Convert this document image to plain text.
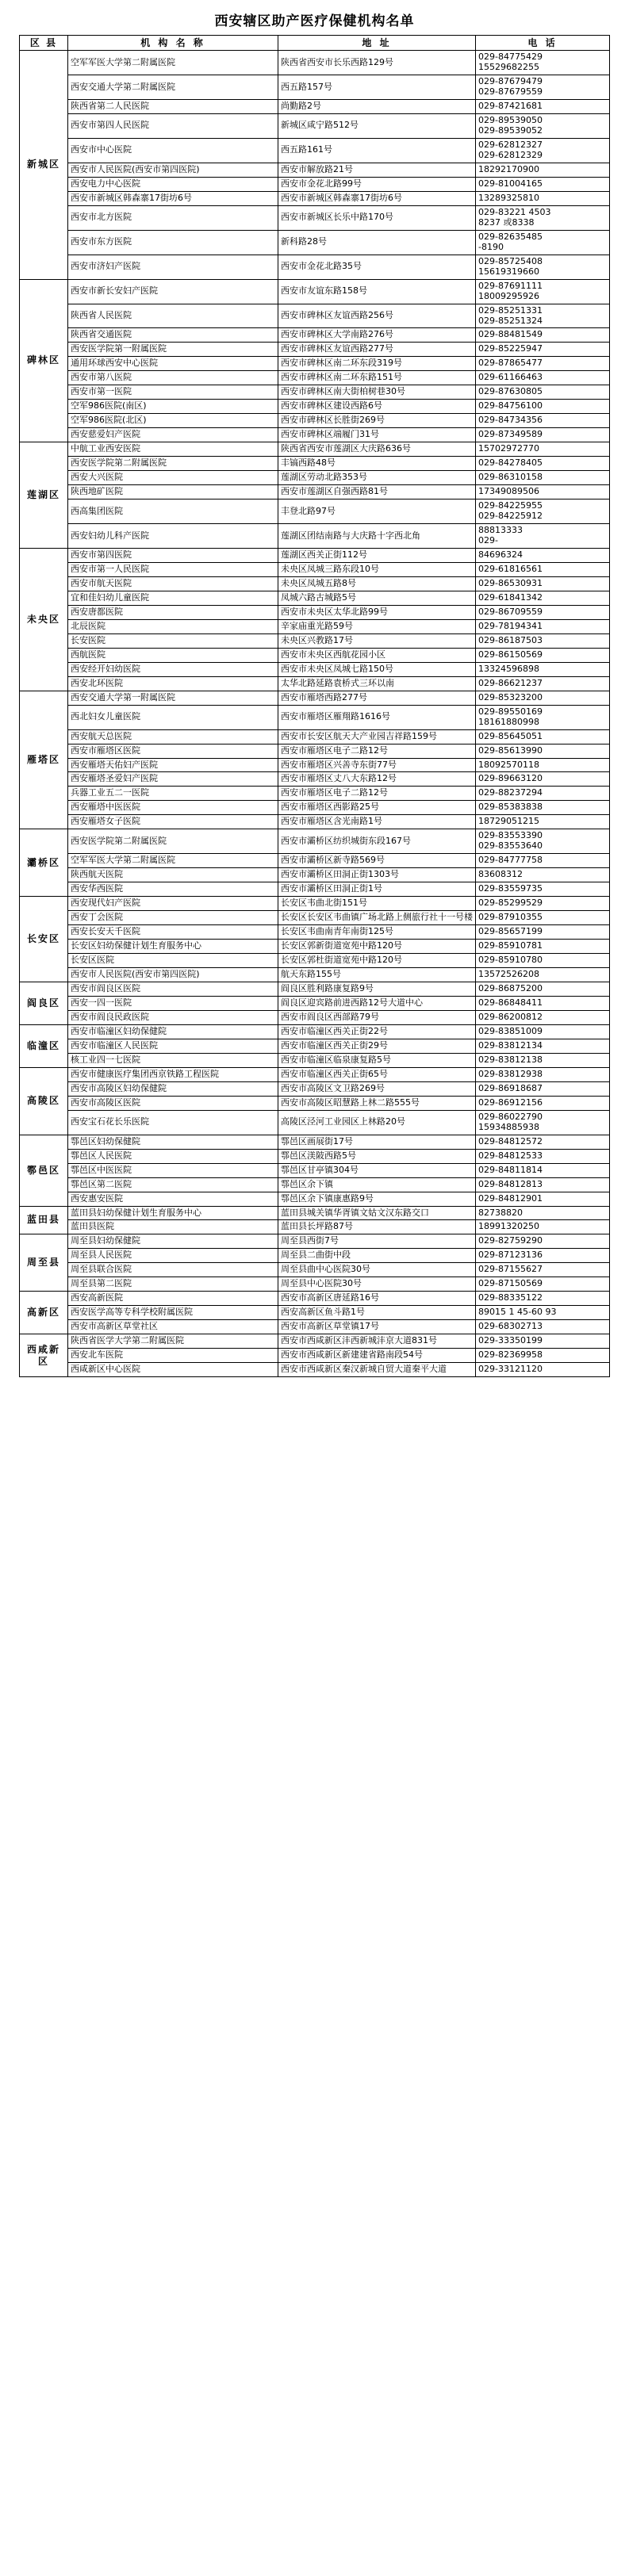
西安辖区助产医疗保健机构名单
区 县	机 构 名 称	地 址	电 话
新城区	空军军医大学第二附属医院	陕西省西安市长乐西路129号	029-84775429
15529682255

	西安交通大学第二附属医院	西五路157号	029-87679479
029-87679559

	陕西省第二人民医院	尚勤路2号	029-87421681

	西安市第四人民医院	新城区咸宁路512号	029-89539050
029-89539052

	西安市中心医院	西五路161号	029-62812327
029-62812329

	西安市人民医院(西安市第四医院)	西安市解放路21号	18292170900

	西安电力中心医院	西安市金花北路99号	029-81004165

	西安市新城区韩森寨17街坊6号	西安市新城区韩森寨17街坊6号	13289325810

	西安市北方医院	西安市新城区长乐中路170号	029-83221 4503
8237 或8338

	西安市东方医院	新科路28号	029-82635485
-8190

	西安市济妇产医院	西安市金花北路35号	029-85725408
15619319660

碑林区	西安市新长安妇产医院	西安市友谊东路158号	029-87691111
18009295926

	陕西省人民医院	西安市碑林区友谊西路256号	029-85251331
029-85251324

	陕西省交通医院	西安市碑林区大学南路276号	029-88481549

	西安医学院第一附属医院	西安市碑林区友谊西路277号	029-85225947

	通用环球西安中心医院	西安市碑林区南二环东段319号	029-87865477

	西安市第八医院	西安市碑林区南二环东路151号	029-61166463

	西安市第一医院	西安市碑林区南大街柏树巷30号	029-87630805

	空军986医院(南区)	西安市碑林区建设西路6号	029-84756100

	空军986医院(北区)	西安市碑林区长胜街269号	029-84734356

	西安慈爱妇产医院	西安市碑林区端履门31号	029-87349589

莲湖区	中航工业西安医院	陕西省西安市莲湖区大庆路636号	15702972770

	西安医学院第二附属医院	丰镐西路48号	029-84278405

	西安大兴医院	莲湖区劳动北路353号	029-86310158

	陕西地矿医院	西安市莲湖区自强西路81号	17349089506

	西高集团医院	丰登北路97号	029-84225955
029-84225912

	西安妇幼儿科产医院	莲湖区团结南路与大庆路十字西北角	88813333
029-

未央区	西安市第四医院	莲湖区西关正街112号	84696324

	西安市第一人民医院	未央区凤城三路东段10号	029-61816561

	西安市航天医院	未央区凤城五路8号	029-86530931

	宜和佳妇幼儿童医院	凤城六路古城路5号	029-61841342

	西安唐都医院	西安市未央区太华北路99号	029-86709559

	北辰医院	辛家庙重光路59号	029-78194341

	长安医院	未央区兴教路17号	029-86187503

	西航医院	西安市未央区西航花园小区	029-86150569

	西安经开妇幼医院	西安市未央区凤城七路150号	13324596898

	西安北环医院	太华北路延路袁桥式三环以南	029-86621237

雁塔区	西安交通大学第一附属医院	西安市雁塔西路277号	029-85323200

	西北妇女儿童医院	西安市雁塔区雁翔路1616号	029-89550169
18161880998

	西安航天总医院	西安市长安区航天大产业园吉祥路159号	029-85645051

	西安市雁塔区医院	西安市雁塔区电子二路12号	029-85613990

	西安雁塔天佑妇产医院	西安市雁塔区兴善寺东街77号	18092570118

	西安雁塔圣爱妇产医院	西安市雁塔区丈八大东路12号	029-89663120

	兵器工业五二一医院	西安市雁塔区电子二路12号	029-88237294

	西安雁塔中医医院	西安市雁塔区西影路25号	029-85383838

	西安雁塔女子医院	西安市雁塔区含光南路1号	18729051215

灞桥区	西安医学院第二附属医院	西安市灞桥区纺织城街东段167号	029-83553390
029-83553640

	空军军医大学第二附属医院	西安市灞桥区新寺路569号	029-84777758

	陕西航天医院	西安市灞桥区田洞正街1303号	83608312

	西安华西医院	西安市灞桥区田洞正街1号	029-83559735

长安区	西安现代妇产医院	长安区韦曲北街151号	029-85299529

	西安丁会医院	长安区长安区韦曲镇广场北路上侧旅行社十一号楼	029-87910355

	西安长安天千医院	长安区韦曲南青年南街125号	029-85657199

	长安区妇幼保健计划生育服务中心	长安区郭新街道宽苑中路120号	029-85910781

	长安区医院	长安区郭杜街道宽苑中路120号	029-85910780

	西安市人民医院(西安市第四医院)	航天东路155号	13572526208

阎良区	西安市阎良区医院	阎良区胜利路康复路9号	029-86875200

	西安一四一医院	阎良区迎宾路前进西路12号大道中心	029-86848411

	西安市阎良民政医院	西安市阎良区西部路79号	029-86200812

临潼区	西安市临潼区妇幼保健院	西安市临潼区西关正街22号	029-83851009

	西安市临潼区人民医院	西安市临潼区西关正街29号	029-83812134

	核工业四一七医院	西安市临潼区临泉康复路5号	029-83812138

高陵区	西安市健康医疗集团西京铁路工程医院	西安市临潼区西关正街65号	029-83812938

	西安市高陵区妇幼保健院	西安市高陵区文卫路269号	029-86918687

	西安市高陵区医院	西安市高陵区昭慧路上林二路555号	029-86912156

	西安宝石花长乐医院	高陵区泾河工业园区上林路20号	029-86022790
15934885938

鄠邑区	鄠邑区妇幼保健院	鄠邑区画展街17号	029-84812572

	鄠邑区人民医院	鄠邑区渼陂西路5号	029-84812533

	鄠邑区中医医院	鄠邑区甘亭镇304号	029-84811814

	鄠邑区第二医院	鄠邑区余下镇	029-84812813

	西安惠安医院	鄠邑区余下镇康惠路9号	029-84812901

蓝田县	蓝田县妇幼保健计划生育服务中心	蓝田县城关镇华胥镇文姑文汉东路交口	82738820

	蓝田县医院	蓝田县长坪路87号	18991320250

周至县	周至县妇幼保健院	周至县西街7号	029-82759290

	周至县人民医院	周至县二曲街中段	029-87123136

	周至县联合医院	周至县曲中心医院30号	029-87155627

	周至县第二医院	周至县中心医院30号	029-87150569

高新区	西安高新医院	西安市高新区唐延路16号	029-88335122

	西安医学高等专科学校附属医院	西安高新区鱼斗路1号	89015 1 45-60 93

	西安市高新区草堂社区	西安市高新区草堂镇17号	029-68302713

西咸新区	陕西省医学大学第二附属医院	西安市西咸新区沣西新城沣京大道831号	029-33350199

	西安北车医院	西安市西咸新区新建建省路南段54号	029-82369958

	西咸新区中心医院	西安市西咸新区秦汉新城自贸大道秦平大道	029-33121120
